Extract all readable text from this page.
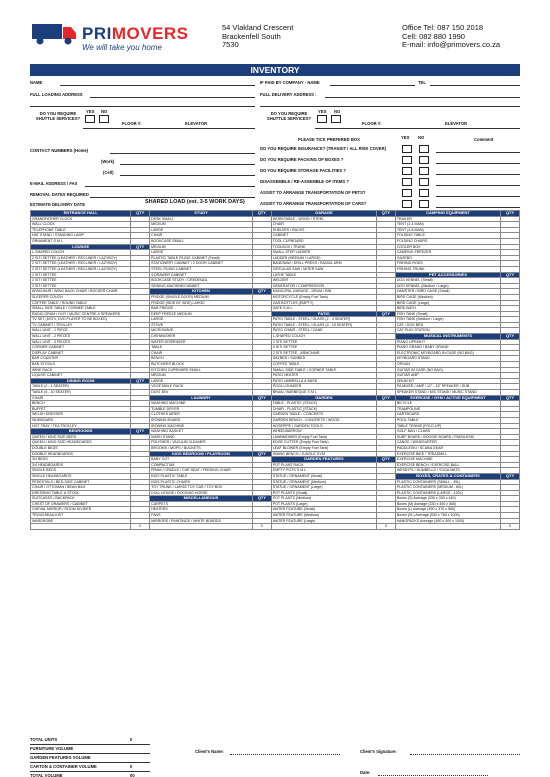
PRIMOVERS
We will take you home
54 Vlakland Crescent
Brackenfell South
7530
Office Tel: 087 150 2018
Cell: 082 880 1990
E-mail: info@primovers.co.za
INVENTORY
NAME	IF PAID BY COMPANY - NAME	TEL
FULL LOADING ADDRESS	FULL DELIVERY ADDRESS :
DO YOU REQUIRE SHUTTLE SERVICES?
YES NO
FLOOR #:	ELEVATOR
DO YOU REQUIRE SHUTTLE SERVICES?
YES NO
FLOOR #:	ELEVATOR
PLEASE TICK PREFERED BOX	YES NO	Comment
CONTACT NUMBERS (Home)
(Work)
(Cell)
E-MAIL ADDRESS / FAX
REMOVAL DATES REQUIRED
ESTIMATE DELIVERY DATE	SHARED LOAD (est. 3-5 WORK DAYS)
DO YOU REQUIRE INSURANCE? (TRANSIT / ALL RISK COVER)
DO YOU REQUIRE PACKING OF BOXES ?
DO YOU REQUIRE STORAGE FACILITIES ?
DISASSEMBLE / RE-ASSEMBLE OF ITEMS ?
ASSIST TO ARRANGE TRANSPORTATION OF PETS?
ASSIST TO ARRANGE TRANSPORTATION OF CARS?
ENTRANCE HALL	QTY	STUDY	QTY	GARAGE	QTY	CAMPING EQUIPMENT	QTY
GRANDFATHER CLOCK		DESK SMALL		WORKTABLE - WOOD / STEEL		TRAILER	
WALL CLOCK		MEDIUM		CHAIR		TENT (2-4 MAN)	
TELEPHONE TABLE		LARGE		SHELVES / RACKS		TENT (4-6 MAN)	
HAT STAND / STANDING LAMP		CHAIR		CABINET		FOLDING TABLE	
ORNAMENT S M L		BOOKCASE SMALL		TOOL CUPBOARD		FOLDING CHAIRS	
LOUNGE	QTY	MEDIUM		TOOLBOX / TRUNK		COOLER BOX	
L-SHAPED COUCH		LARGE		SMALL STEP LADDER		CAMPING FREEZER	
2 SITI SETTEE (LEATHER / RECLINER / LAZYBOY)		PLASTIC TABLE FILING CABINET (Small)		LADDER (MEDIUM / LARGE)		GAZEBO	
2 SITI SETTEE (LEATHER / RECLINER / LAZYBOY)		STATIONERY CABINET / 2 DOOR CABINET		BANDSAW / DRILL PRESS / RADIAL ARM		FISHING RODS	
2 SITI SETTEE (LEATHER / RECLINER / LAZYBOY)		STEEL FILING CABINET		CIRCULAR SAW / MITER SAW		FISHING TRUNK	
2 SITI SETTEE		4 DRAWER CABINET		LATHE TABLE		PET ACCESSORIES	QTY
2 SITI SETTEE		BOOKCASE STUDY / CREDENZA		WELDER		DOG KENNEL (Small)	
3 SITI SETTEE		SEWING MACHINE/CABINET		GENERATOR / COMPRESSOR		DOG KENNEL (Medium / Large)	
ARMCHAIR / WING BACK CHAIR / ROCKER CHAIR		KITCHEN	QTY	MUNICIPAL GARAGE - DRUM / BIN		HAMSTER / BIRD CAGE (Small)	
SLEEPER COUCH		FRIDGE (SINGLE DOOR) MEDIUM		MOTORCYCLE (Empty Fuel Tank)		BIRD CAGE (Medium)	
COFFEE TABLE / ROUND TABLE		FRIDGE (SIDE BY SIDE) LARGE		GAS BOTTLES (EMPTY)		BIRD CAGE (Large)	
SMALL SIDE TABLE / CORNER TABLE		BAR FRIDGE		SAFE S M L		BIRD BATH	
RADIO GRAM / HI-FI / MUSIC CENTRE & SPEAKERS		DEEP FREEZE MEDIUM		PATIO	QTY	FISH TANK (Small)	
TV SET (DSTV, DVD PLAYER TO BE BOXED)		LARGE		PATIO TABLE - STEEL / GLASS (2 - 4 SEATER)		FISH TANK (Medium / Large)	
TV CABINET / TROLLEY		STOVE		PATIO TABLE - STEEL / GLASS (4 - 10 SEATER)		CAT / DOG BED	
WALL UNIT - 1 PIECE		MICROWAVE		PATIO CHAIR - STEEL / CANE		CAT PLAY STATION	
WALL UNIT - 2 PIECES		DISHWASHER		L-SHAPED COUCH		MUSICAL INSTRUMENTS	QTY
WALL UNIT - 3 PIECES		WATER DISPENSER		2 SITI SETTEE		PIANO UPRIGHT	
CORNER CABINET		TABLE		3 SITI SETTEE		PIANO GRAND / BABY GRAND	
DISPLAY CABINET		CHAIR		2 SITI SETTEE - ARMCHAIR		ELECTRONIC KEYBOARD IN CASE (NO BAG)	
BAR COUNTER		BENCH		DAYBED / SUNBED		KEYBOARD STAND	
BAR STOOLS		BUTCHERS BLOCK		COFFEE TABLE		ORGAN	
WINE RACK		KITCHEN CUPBOARD SMALL		SMALL SIDE TABLE / CORNER TABLE		GUITAR IN CASE (NO BAG)	
LIQUOR CABINET		MEDIUM		PATIO HEATER		GUITAR AMP	
DINING ROOM	QTY	LARGE		PATIO UMBRELLA & BASE		DRUM KIT	
TABLE (2 - 4 SEATER)		VEGETABLE RACK		POOL LOUNGER		PA MIXER / AMP / 12" - 15" SPEAKER / SUB	
TABLE (6 - 10 SEATER)		DUST BIN		BRAAI / BARBEQUE S M L		SPEAKER STAND / MIC STAND / MUSIC STAND	
CHAIR		LAUNDRY	QTY	GARDEN	QTY	EXERCISE / GYM / ACTIVE EQUIPMENT	QTY
BENCH		WASHING MACHINE		TABLE - PLASTIC (STACK)		BICYCLE	
BUFFET		TUMBLE DRYER		CHAIR - PLASTIC (STACK)		TRAMPOLINE	
WELSH DRESSER		CLOTHES AIRER		GARDEN TABLE - CONCRETE		DARTBOARD	
SIDEBOARD		IRONING BOARD		GARDEN BENCH - CONCRETE / WOOD		POOL TABLE	
HOT TRAY / TEA TROLLEY		IRONING MACHINE		HOSEPIPE / GARDEN TOOLS		TABLE TENNIS (FOLD-UP)	
BEDROOMS	QTY	WASHING BASKET		WHEELBARROW		GOLF BAG / CLUBS	
QUEEN / KING SIZE BEDS		WASH STAND		LAWNMOWER (Empty Fuel Tank)		SURF BOARD / BOOGIE BOARD / PADDLESKI	
QUEEN / KING SIZE HEADBOARDS		POLISHER / VACUUM CLEANER		EDGE CUTTER (Empty Fuel Tank)		CANOE / WINDSURFER	
DOUBLE BEDS		BROOMS / MOPS / BUCKETS		LEAF BLOWER (Empty Fuel Tank)		PADDLESKI / SCUBA GEAR	
DOUBLE HEADBOARDS		KIDS BEDROOM / PLAYROOM	QTY	SWING BENCH / JUNGLE GYM		EXERCISE BIKE / TREADMILL	
3/4 BEDS		BABY COT		GARDEN FEATURES	QTY	EXERCISE MACHINE	
3/4 HEADBOARDS		COMPACTUM		POT PLANT RACK		EXERCISE BENCH / EXERCISE BALL	
SINGLE BEDS		PRAM / CRADLE / CAR SEAT / FEEDING CHAIR		EMPTY POTS S M L		WEIGHTS / DUMBELLS / YOGA MATS	
SINGLE HEADBOARDS		KIDS PLASTIC TABLE		STATUE / ORNAMENT (Small)		BOXES, CRATES & CONTAINERS	QTY
PEDESTALS / BED-SIDE CABINET		KIDS PLASTIC CHAIRS		STATUE / ORNAMENT (Medium)		PLASTIC CONTAINERS (SMALL - 45L)	
CHAIR / OTTOMAN / BEAN BAG		TOY TRUNK / LARGE TOY CAR / TOY BOX		STATUE / ORNAMENT (Large)		PLASTIC CONTAINERS (MEDIUM - 80L)	
DRESSING TABLE & STOOL		DOLL HOUSE / ROCKING HORSE		POT PLANTS (Small)		PLASTIC CONTAINERS (LARGE - 120L)	
SUITCASES / BACKPACK		MISCELLANEOUS	QTY	POT PLANTS (Medium)		Boxes (S) Average (330 x 330 x 440)	
CHEST OF DRAWERS / CABINET		CARPETS		POT PLANTS (Large)		Boxes (M) Average (330 x 400 x 560)	
CHEVAL MIRROR / ROOM DIVIDER		HEATERS		WATER FEATURE (Small)		Boxes (L) Average (450 x 370 x 560)	
TROUSSEAU KIST		FANS		WATER FEATURE (Medium)		Boxes (XL) Average (530 x 760 x 1000)	
WARDROBE		MIRRORS / PAINTINGS / WHITE BOARDS		WATER FEATURE (Large)		HANGPACKS Average (450 x 400 x 1000)	
	0		0		0		0
TOTAL UNITS	0
FURNITURE VOLUME
GARDEN FEATURES VOLUME
CARTON & CONTAINER VOLUME	0
TOTAL VOLUME	00
Client's Name:	Client's Signature:
Date:
